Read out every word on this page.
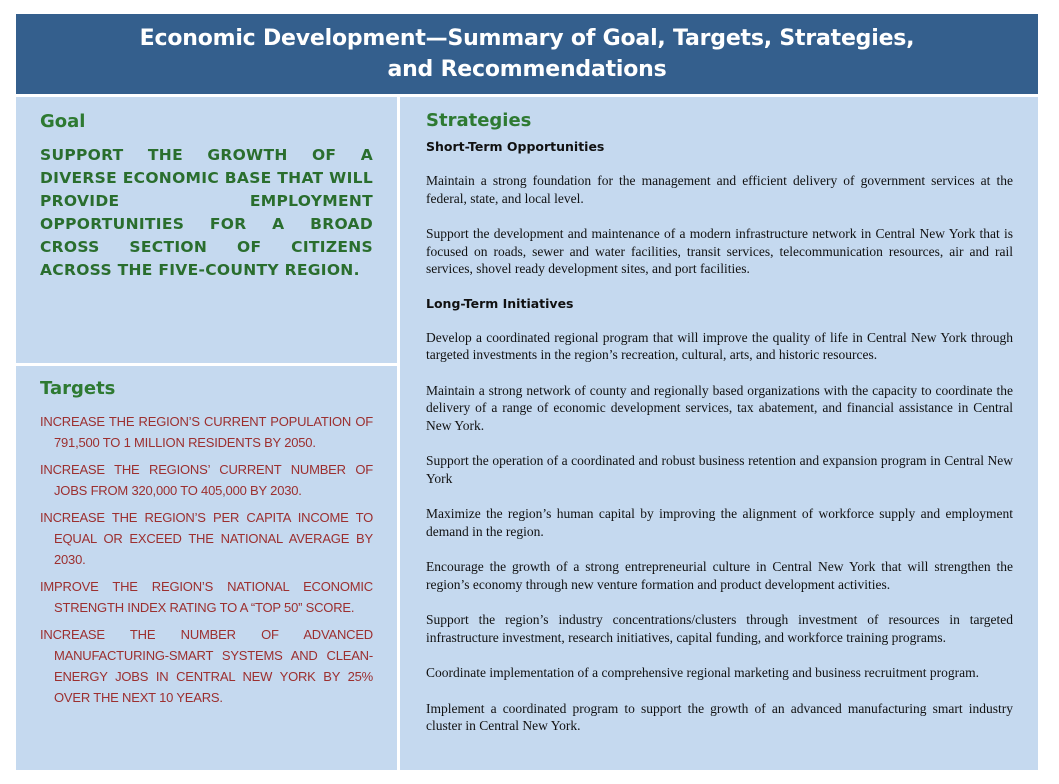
Economic Development—Summary of Goal, Targets, Strategies, and Recommendations
Goal

SUPPORT THE GROWTH OF A DIVERSE ECONOMIC BASE THAT WILL PROVIDE EMPLOYMENT OPPORTUNITIES FOR A BROAD CROSS SECTION OF CITIZENS ACROSS THE FIVE-COUNTY REGION.

Targets
INCREASE THE REGION’S CURRENT POPULATION OF 791,500 TO 1 MILLION RESIDENTS BY 2050.
INCREASE THE REGIONS’ CURRENT NUMBER OF JOBS FROM 320,000 TO 405,000 BY 2030.
INCREASE THE REGION’S PER CAPITA INCOME TO EQUAL OR EXCEED THE NATIONAL AVERAGE BY 2030.
IMPROVE THE REGION’S NATIONAL ECONOMIC STRENGTH INDEX RATING TO A “TOP 50” SCORE.
INCREASE THE NUMBER OF ADVANCED MANUFACTURING-SMART SYSTEMS AND CLEAN-ENERGY JOBS IN CENTRAL NEW YORK BY 25% OVER THE NEXT 10 YEARS.
Strategies
Short-Term Opportunities

Maintain a strong foundation for the management and efficient delivery of government services at the federal, state, and local level.

Support the development and maintenance of a modern infrastructure network in Central New York that is focused on roads, sewer and water facilities, transit services, telecommunication resources, air and rail services, shovel ready development sites, and port facilities.

Long-Term Initiatives

Develop a coordinated regional program that will improve the quality of life in Central New York through targeted investments in the region’s recreation, cultural, arts, and historic resources.

Maintain a strong network of county and regionally based organizations with the capacity to coordinate the delivery of a range of economic development services, tax abatement, and financial assistance in Central New York.

Support the operation of a coordinated and robust business retention and expansion program in Central New York

Maximize the region’s human capital by improving the alignment of workforce supply and employment demand in the region.

Encourage the growth of a strong entrepreneurial culture in Central New York that will strengthen the region’s economy through new venture formation and product development activities.

Support the region’s industry concentrations/clusters through investment of resources in targeted infrastructure investment, research initiatives, capital funding, and workforce training programs.

Coordinate implementation of a comprehensive regional marketing and business recruitment program.

Implement a coordinated program to support the growth of an advanced manufacturing smart industry cluster in Central New York.
